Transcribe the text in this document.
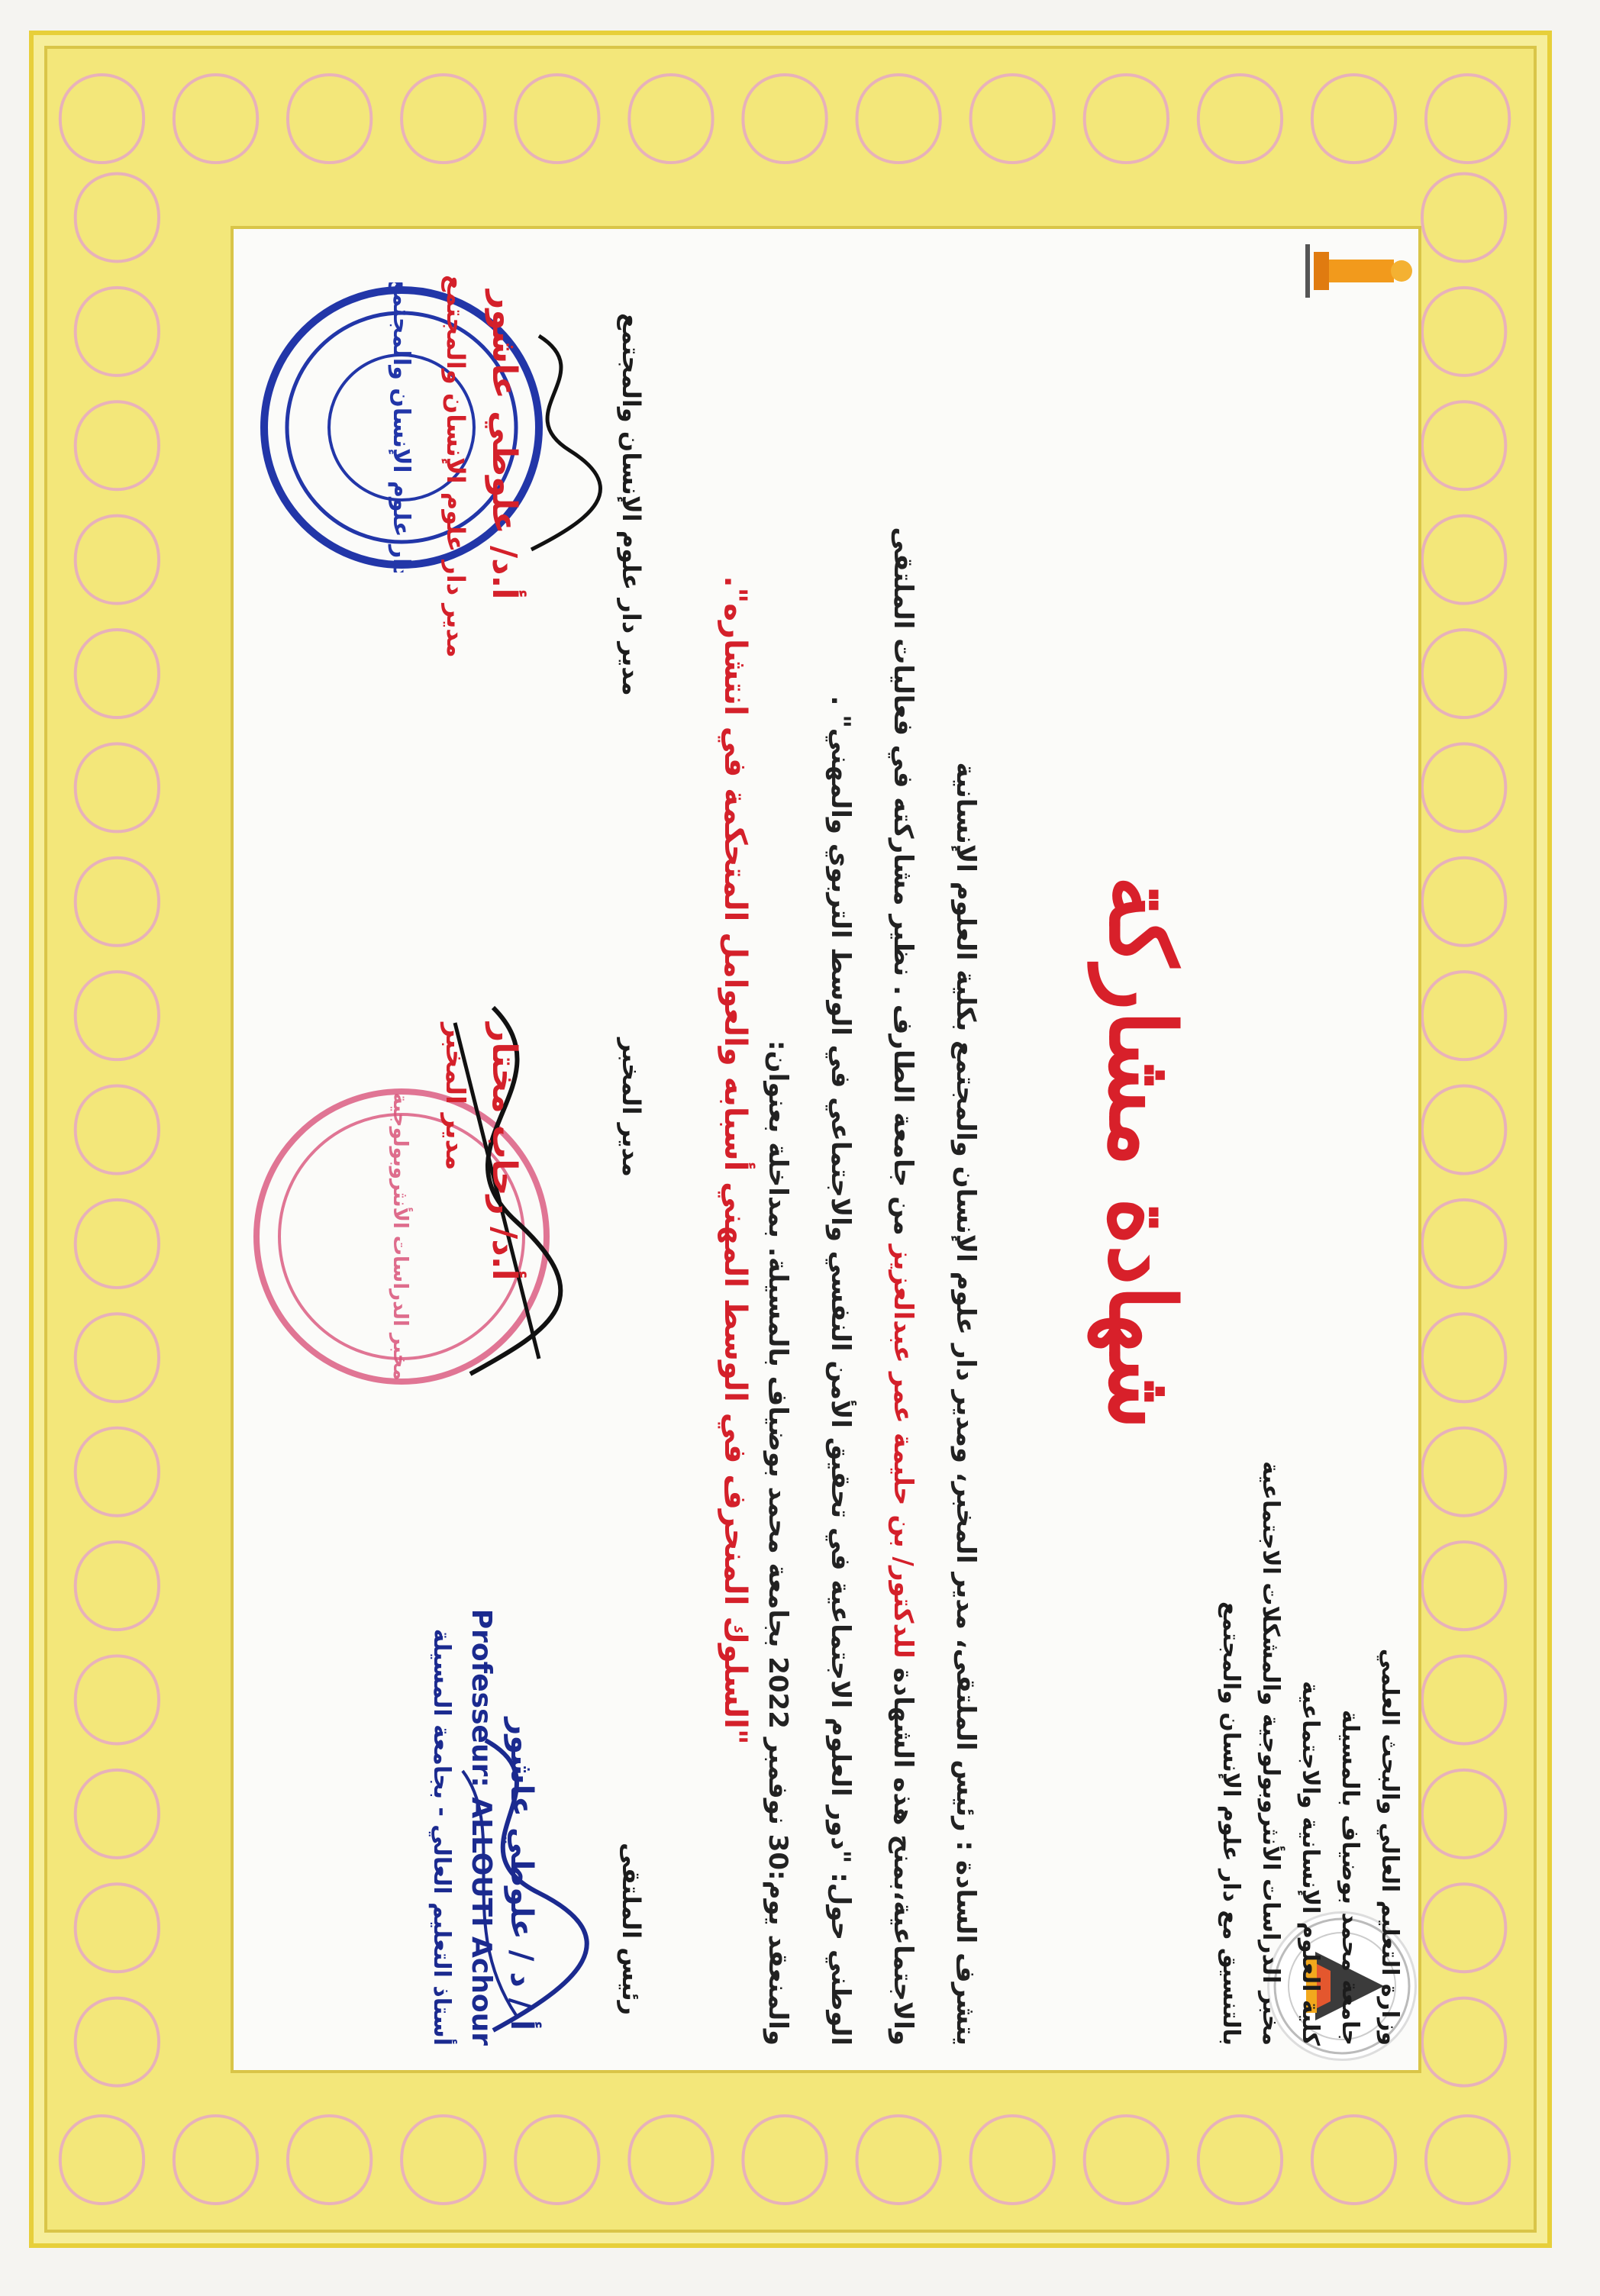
وزارة التعليم العالي والبحث العلمي
جامعة محمد بوضياف بالمسيلة
كلية العلوم الإنسانية والاجتماعية
مخبر الدراسات الأنثروبولوجية والمشكلات الاجتماعية
بالتنسيق مع دار علوم الإنسان والمجتمع
شهادة مشاركة
يتشرف السادة : رئيس الملتقى، مدير المخبر، ومدير دار علوم الإنسان والمجتمع بكلية العلوم الإنسانية
والاجتماعية،بمنح هذه الشهادة للدكتور/ بن حليمة عمر عبدالعزيز من جامعة الطارف . نظير مشاركته في فعاليات الملتقى
الوطني حول: "دور العلوم الاجتماعية في تحقيق الأمن النفسي والاجتماعي في الوسط التربوي والمهني" .
والمنعقد يوم:30 نوفمبر 2022 بجامعة محمد بوضياف بالمسيلة. بمداخلة بعنوان:
"السلوك المنحرف في الوسط المهني أسبابه والعوامل المتحكمة في انتشاره".
رئيس الملتقى
مدير المخبر
مدير دار علوم الإنسان والمجتمع
دار علوم الإنسان والمجتمع
مخبر الدراسات الأنثروبولوجية
أ / د / علوطي عاشور
Professeur: ALLOUTI Achour
أستاذ التعليم العالي - بجامعة المسيلة
أ.د/ رحاب مختار
مدير المخبر
أ.د/ علوطي عاشور
مدير دار علوم الإنسان والمجتمع
